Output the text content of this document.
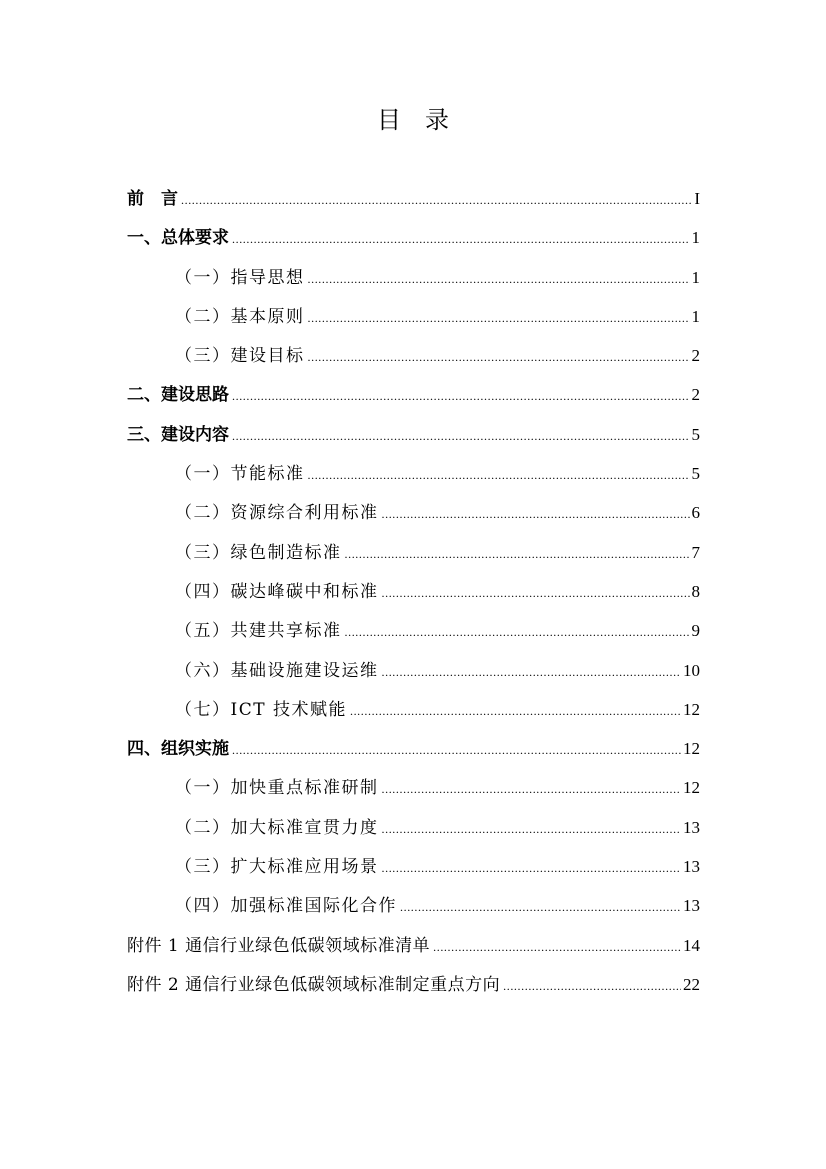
目　录
前　言 .....	I
一、总体要求 .....	1
（一）指导思想 .....	1
（二）基本原则 .....	1
（三）建设目标 .....	2
二、建设思路 .....	2
三、建设内容 .....	5
（一）节能标准 .....	5
（二）资源综合利用标准 .....	6
（三）绿色制造标准 .....	7
（四）碳达峰碳中和标准 .....	8
（五）共建共享标准 .....	9
（六）基础设施建设运维 .....	10
（七）ICT 技术赋能 .....	12
四、组织实施 .....	12
（一）加快重点标准研制 .....	12
（二）加大标准宣贯力度 .....	13
（三）扩大标准应用场景 .....	13
（四）加强标准国际化合作 .....	13
附件 1 通信行业绿色低碳领域标准清单 .....	14
附件 2 通信行业绿色低碳领域标准制定重点方向 .....	22
